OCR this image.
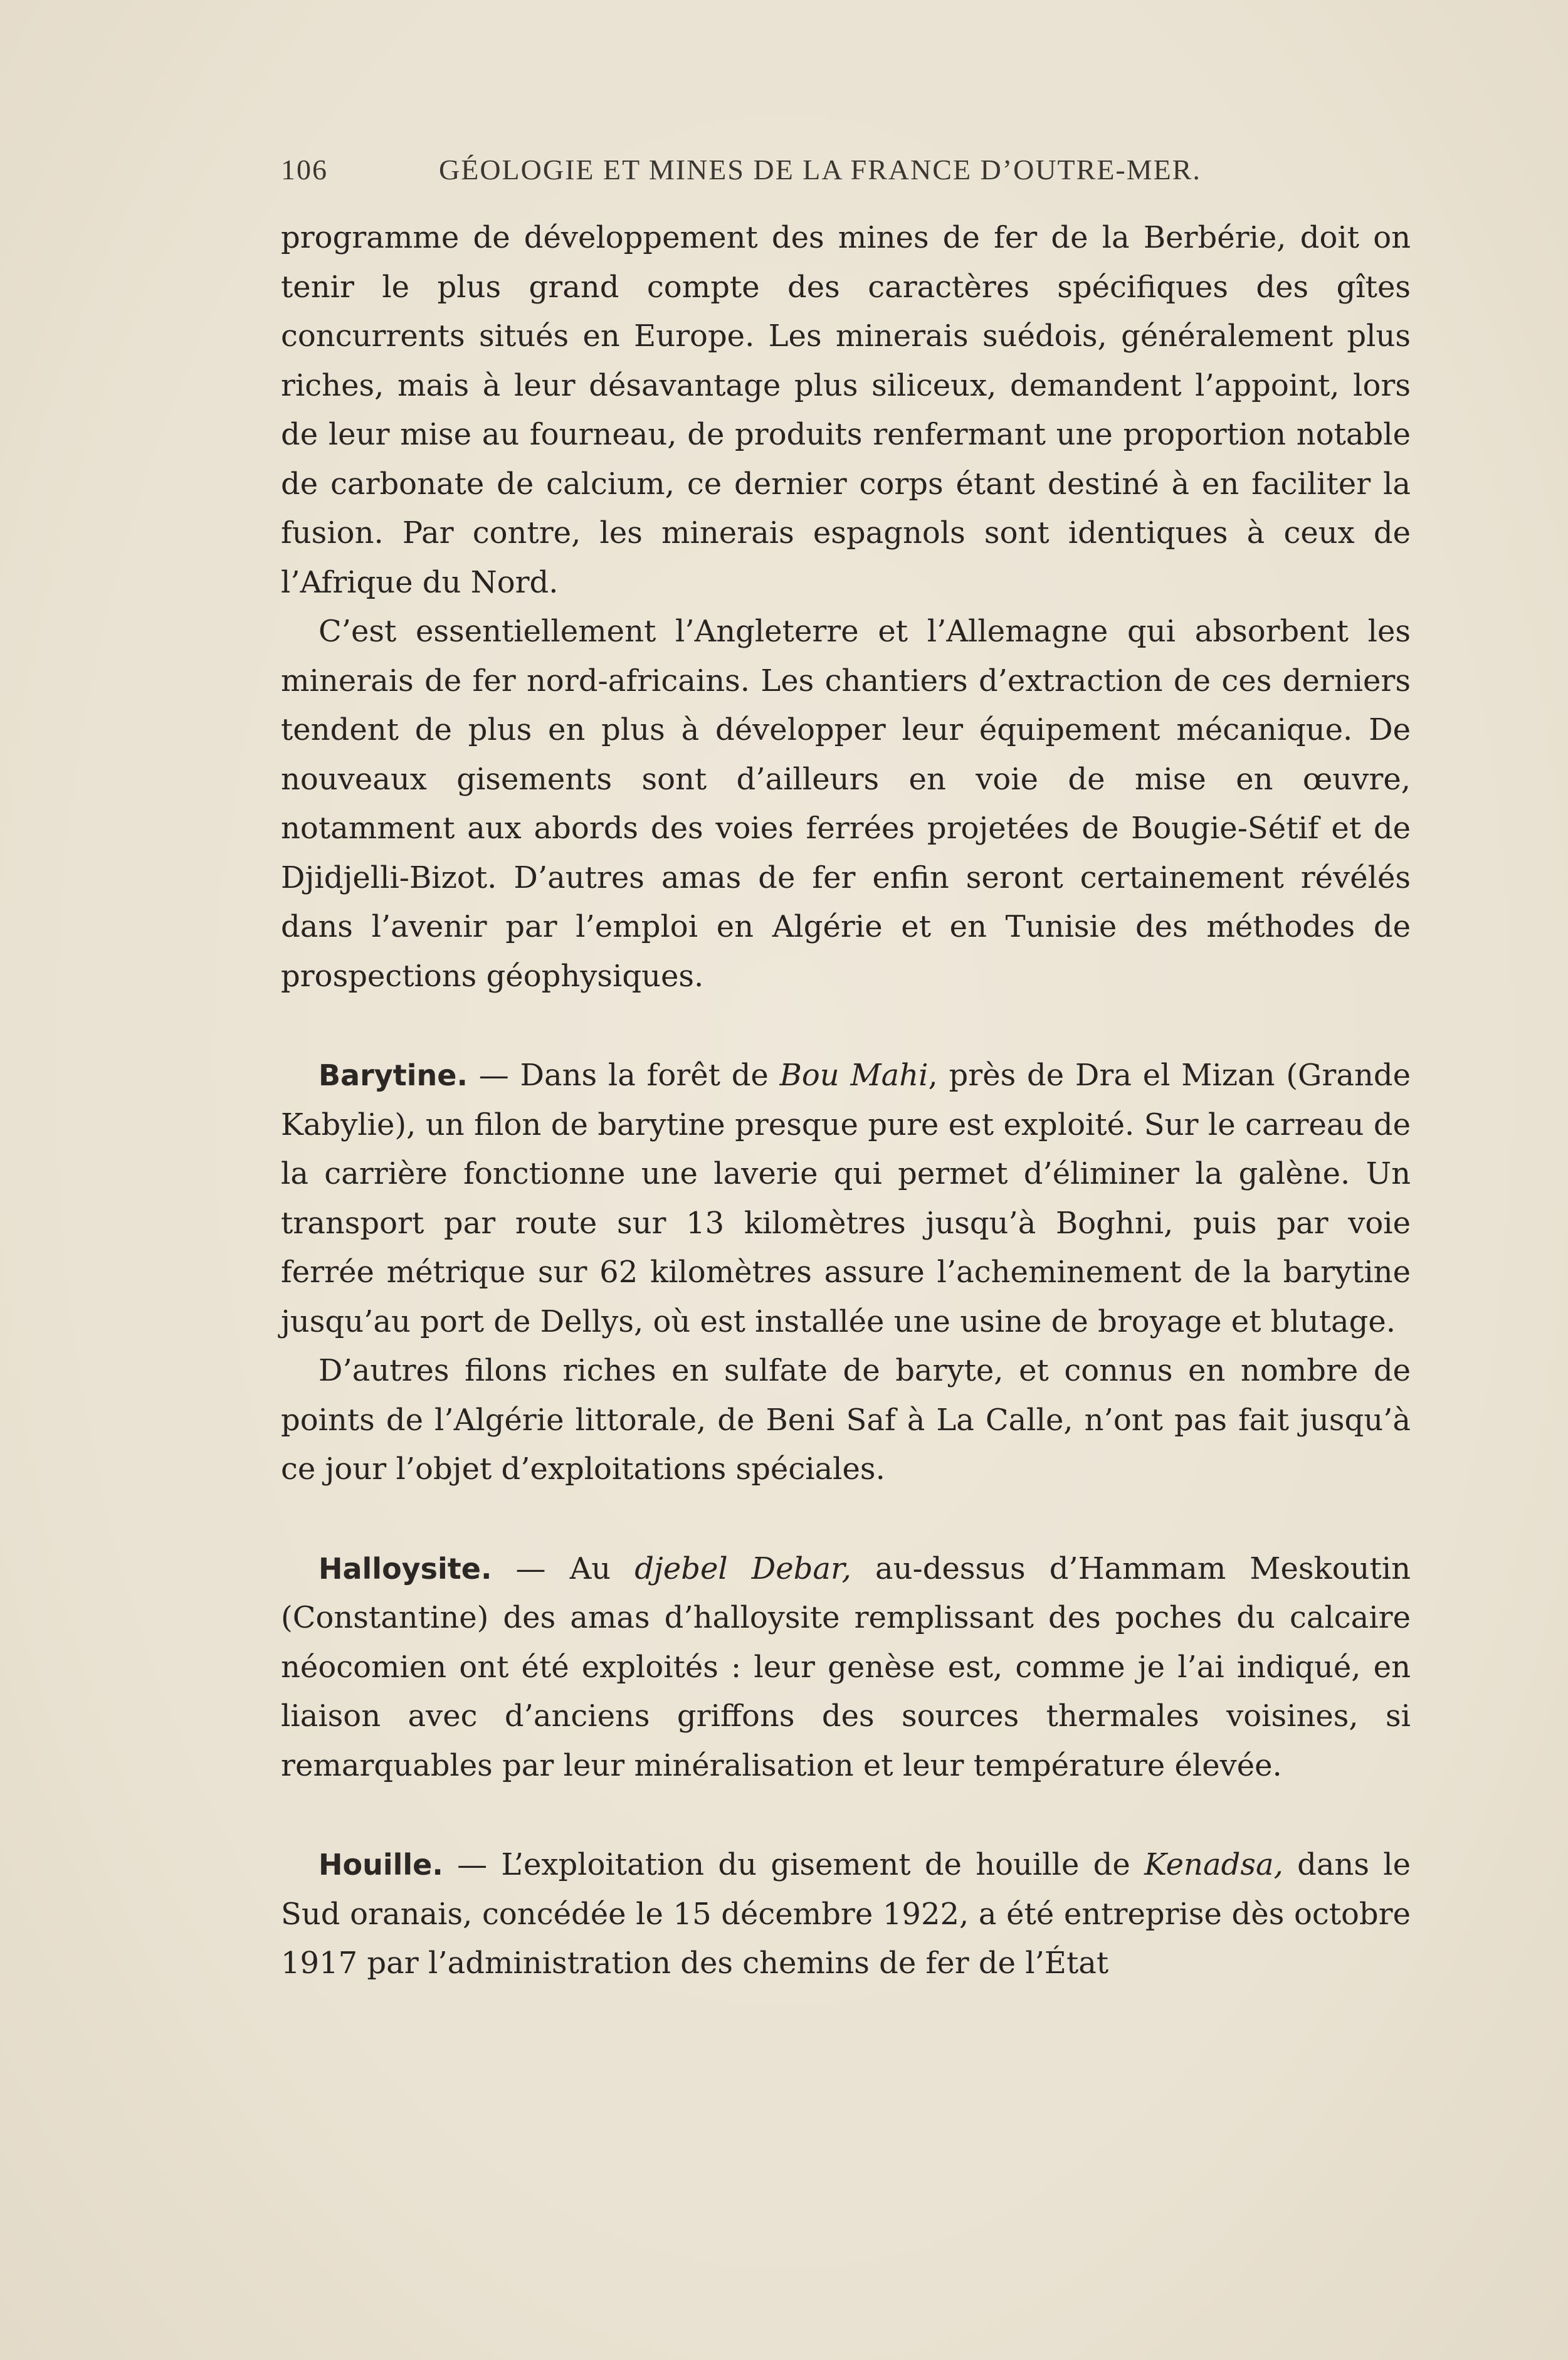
106	GÉOLOGIE ET MINES DE LA FRANCE D’OUTRE-MER.

programme de développement des mines de fer de la Berbérie, doit on tenir le plus grand compte des caractères spécifiques des gîtes concurrents situés en Europe. Les minerais suédois, généralement plus riches, mais à leur désavantage plus siliceux, demandent l’appoint, lors de leur mise au fourneau, de produits renfermant une proportion notable de carbonate de calcium, ce dernier corps étant destiné à en faciliter la fusion. Par contre, les minerais espagnols sont identiques à ceux de l’Afrique du Nord.

C’est essentiellement l’Angleterre et l’Allemagne qui absorbent les minerais de fer nord-africains. Les chantiers d’extraction de ces derniers tendent de plus en plus à développer leur équipement mécanique. De nouveaux gisements sont d’ailleurs en voie de mise en œuvre, notamment aux abords des voies ferrées projetées de Bougie-Sétif et de Djidjelli-Bizot. D’autres amas de fer enfin seront certainement révélés dans l’avenir par l’emploi en Algérie et en Tunisie des méthodes de prospections géophysiques.

Barytine. — Dans la forêt de Bou Mahi, près de Dra el Mizan (Grande Kabylie), un filon de barytine presque pure est exploité. Sur le carreau de la carrière fonctionne une laverie qui permet d’éliminer la galène. Un transport par route sur 13 kilomètres jusqu’à Boghni, puis par voie ferrée métrique sur 62 kilomètres assure l’acheminement de la barytine jusqu’au port de Dellys, où est installée une usine de broyage et blutage.

D’autres filons riches en sulfate de baryte, et connus en nombre de points de l’Algérie littorale, de Beni Saf à La Calle, n’ont pas fait jusqu’à ce jour l’objet d’exploitations spéciales.

Halloysite. — Au djebel Debar, au-dessus d’Hammam Meskoutin (Constantine) des amas d’halloysite remplissant des poches du calcaire néocomien ont été exploités : leur genèse est, comme je l’ai indiqué, en liaison avec d’anciens griffons des sources thermales voisines, si remarquables par leur minéralisation et leur température élevée.

Houille. — L’exploitation du gisement de houille de Kenadsa, dans le Sud oranais, concédée le 15 décembre 1922, a été entreprise dès octobre 1917 par l’administration des chemins de fer de l’État
